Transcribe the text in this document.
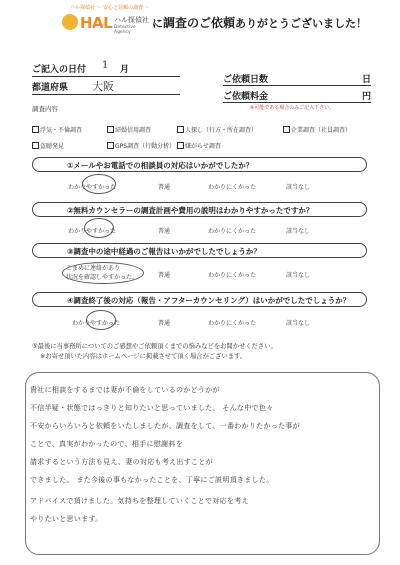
ハル探偵社 ～ 安心と信頼の調査 ～
HAL ハル探偵社
Detective Agency
に調査のご依頼ありがとうございました！
ご記入の日付 1 月
都道府県 大阪	ご依頼日数	日
ご依頼料金	円
※可能である場合のみご記入下さい。
調査内容
浮気・不倫調査	結婚信用調査	人探し（行方・所在調査）	企業調査（社員調査）
盗聴発見	GPS調査（行動分析）	嫌がらせ調査
①メールやお電話での相談員の対応はいかがでしたか？
わかりやすかった	普通	わかりにくかった	該当なし
②無料カウンセラーの調査計画や費用の説明はわかりやすかったですか？
わかりやすかった	普通	わかりにくかった	該当なし
③調査中の途中経過のご報告はいかがでしたでしょうか？
こまめに連絡があり
状況を確認しやすかった。	普通	わかりにくかった	該当なし
④調査終了後の対応（報告・アフターカウンセリング）はいかがでしたでしょうか？
わかりやすかった	普通	わかりにくかった	該当なし
⑤最後に当事務所についてのご感想やご依頼頂くまでの悩みなどをお聞かせください。
※お寄せ頂いた内容はホームページに掲載させて頂く場合がございます。
貴社に相談をするまでは妻が不倫をしているのかどうかが
不信半疑・状態ではっきりと知りたいと思っていました。 そんな中で色々
不安からいろいろと依頼をいたしましたが、調査をして、一番わかりたかった事が
ことで、真実がわかったので、相手に慰謝料を
請求するという方法も見え、妻の対応も考え出すことが
できました。 また今後の事もなかったことを、丁寧にご説明頂きました。
アドバイスで頂けました。気持ちを整理していくことで対応を考え
やりたいと思います。
